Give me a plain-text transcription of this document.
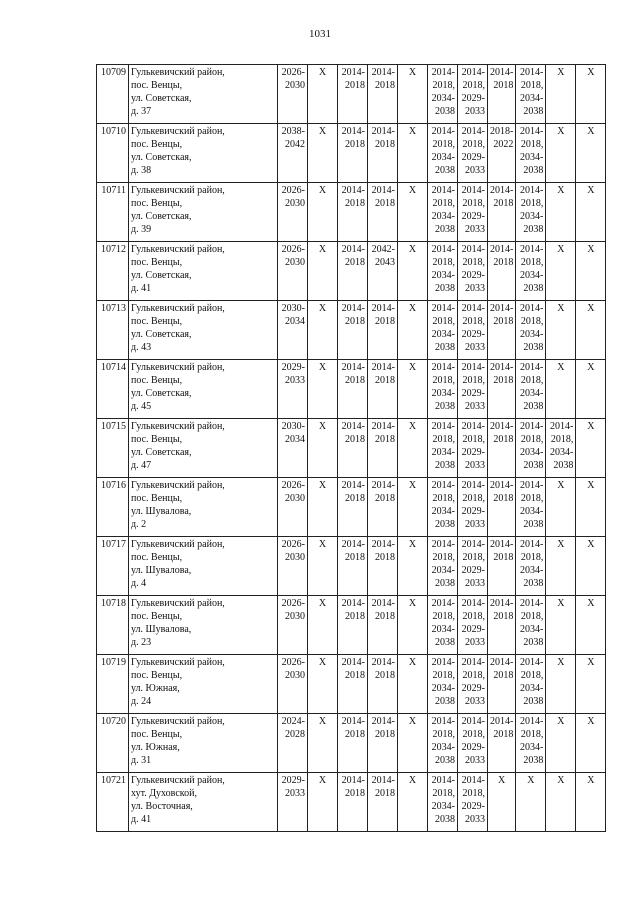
1031
10709	Гулькевичский район,
пос. Венцы,
ул. Советская,
д. 37	2026-
2030	X	2014-
2018	2014-
2018	X	2014-
2018,
2034-
2038	2014-
2018,
2029-
2033	2014-
2018	2014-
2018,
2034-
2038	X	X

10710	Гулькевичский район,
пос. Венцы,
ул. Советская,
д. 38	2038-
2042	X	2014-
2018	2014-
2018	X	2014-
2018,
2034-
2038	2014-
2018,
2029-
2033	2018-
2022	2014-
2018,
2034-
2038	X	X

10711	Гулькевичский район,
пос. Венцы,
ул. Советская,
д. 39	2026-
2030	X	2014-
2018	2014-
2018	X	2014-
2018,
2034-
2038	2014-
2018,
2029-
2033	2014-
2018	2014-
2018,
2034-
2038	X	X

10712	Гулькевичский район,
пос. Венцы,
ул. Советская,
д. 41	2026-
2030	X	2014-
2018	2042-
2043	X	2014-
2018,
2034-
2038	2014-
2018,
2029-
2033	2014-
2018	2014-
2018,
2034-
2038	X	X

10713	Гулькевичский район,
пос. Венцы,
ул. Советская,
д. 43	2030-
2034	X	2014-
2018	2014-
2018	X	2014-
2018,
2034-
2038	2014-
2018,
2029-
2033	2014-
2018	2014-
2018,
2034-
2038	X	X

10714	Гулькевичский район,
пос. Венцы,
ул. Советская,
д. 45	2029-
2033	X	2014-
2018	2014-
2018	X	2014-
2018,
2034-
2038	2014-
2018,
2029-
2033	2014-
2018	2014-
2018,
2034-
2038	X	X

10715	Гулькевичский район,
пос. Венцы,
ул. Советская,
д. 47	2030-
2034	X	2014-
2018	2014-
2018	X	2014-
2018,
2034-
2038	2014-
2018,
2029-
2033	2014-
2018	2014-
2018,
2034-
2038	2014-
2018,
2034-
2038	X

10716	Гулькевичский район,
пос. Венцы,
ул. Шувалова,
д. 2	2026-
2030	X	2014-
2018	2014-
2018	X	2014-
2018,
2034-
2038	2014-
2018,
2029-
2033	2014-
2018	2014-
2018,
2034-
2038	X	X

10717	Гулькевичский район,
пос. Венцы,
ул. Шувалова,
д. 4	2026-
2030	X	2014-
2018	2014-
2018	X	2014-
2018,
2034-
2038	2014-
2018,
2029-
2033	2014-
2018	2014-
2018,
2034-
2038	X	X

10718	Гулькевичский район,
пос. Венцы,
ул. Шувалова,
д. 23	2026-
2030	X	2014-
2018	2014-
2018	X	2014-
2018,
2034-
2038	2014-
2018,
2029-
2033	2014-
2018	2014-
2018,
2034-
2038	X	X

10719	Гулькевичский район,
пос. Венцы,
ул. Южная,
д. 24	2026-
2030	X	2014-
2018	2014-
2018	X	2014-
2018,
2034-
2038	2014-
2018,
2029-
2033	2014-
2018	2014-
2018,
2034-
2038	X	X

10720	Гулькевичский район,
пос. Венцы,
ул. Южная,
д. 31	2024-
2028	X	2014-
2018	2014-
2018	X	2014-
2018,
2034-
2038	2014-
2018,
2029-
2033	2014-
2018	2014-
2018,
2034-
2038	X	X

10721	Гулькевичский район,
хут. Духовской,
ул. Восточная,
д. 41	2029-
2033	X	2014-
2018	2014-
2018	X	2014-
2018,
2034-
2038	2014-
2018,
2029-
2033	X	X	X	X
